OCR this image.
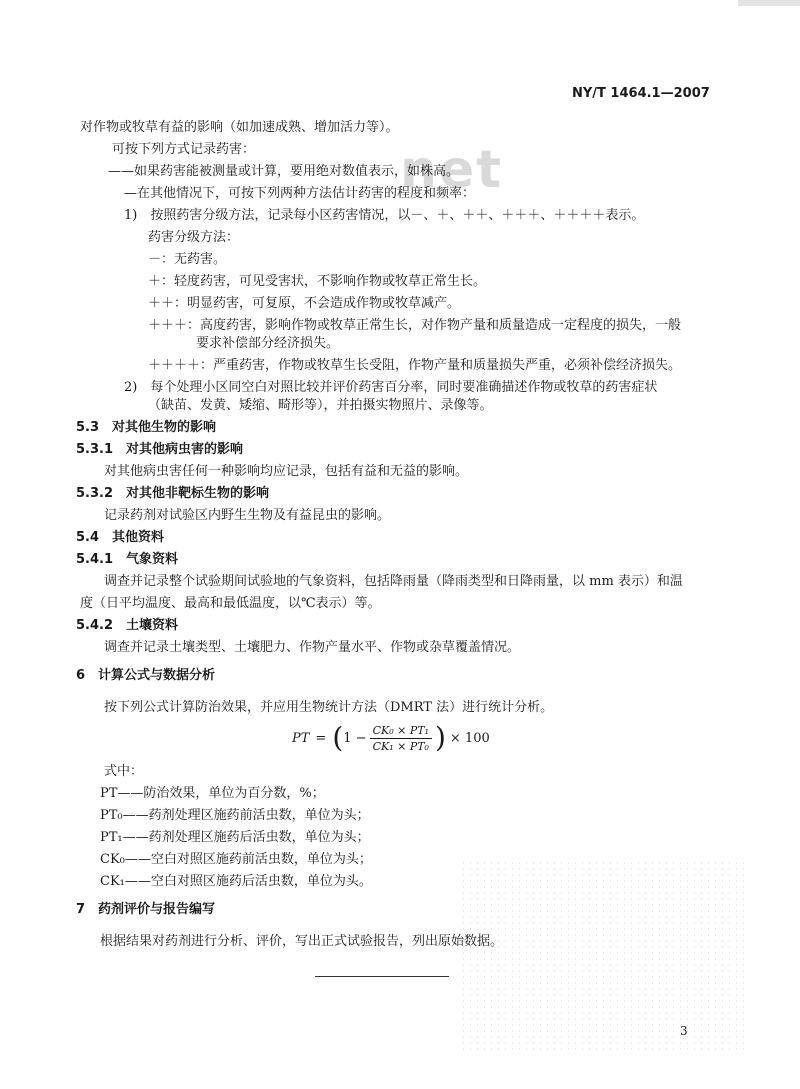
net
NY/T 1464.1—2007
对作物或牧草有益的影响（如加速成熟、增加活力等）。
可按下列方式记录药害：
——如果药害能被测量或计算，要用绝对数值表示，如株高。
—在其他情况下，可按下列两种方法估计药害的程度和频率：
1)　按照药害分级方法，记录每小区药害情况，以－、＋、＋＋、＋＋＋、＋＋＋＋表示。
药害分级方法：
－：无药害。
＋：轻度药害，可见受害状，不影响作物或牧草正常生长。
＋＋：明显药害，可复原，不会造成作物或牧草减产。
＋＋＋：高度药害，影响作物或牧草正常生长，对作物产量和质量造成一定程度的损失，一般
要求补偿部分经济损失。
＋＋＋＋：严重药害，作物或牧草生长受阻，作物产量和质量损失严重，必须补偿经济损失。
2)　每个处理小区同空白对照比较并评价药害百分率，同时要准确描述作物或牧草的药害症状
（缺苗、发黄、矮缩、畸形等），并拍摄实物照片、录像等。
5.3　对其他生物的影响
5.3.1　对其他病虫害的影响
对其他病虫害任何一种影响均应记录，包括有益和无益的影响。
5.3.2　对其他非靶标生物的影响
记录药剂对试验区内野生生物及有益昆虫的影响。
5.4　其他资料
5.4.1　气象资料
调查并记录整个试验期间试验地的气象资料，包括降雨量（降雨类型和日降雨量，以 mm 表示）和温
度（日平均温度、最高和最低温度，以℃表示）等。
5.4.2　土壤资料
调查并记录土壤类型、土壤肥力、作物产量水平、作物或杂草覆盖情况。
6　计算公式与数据分析
按下列公式计算防治效果，并应用生物统计方法（DMRT 法）进行统计分析。
PT = ( $1 - \frac{\text{CK₀ × PT₁}}{\text{CK₁ × PT₀}}$ ) × 100
式中：
PT——防治效果，单位为百分数，%；
PT₀——药剂处理区施药前活虫数，单位为头；
PT₁——药剂处理区施药后活虫数，单位为头；
CK₀——空白对照区施药前活虫数，单位为头；
CK₁——空白对照区施药后活虫数，单位为头。
7　药剂评价与报告编写
根据结果对药剂进行分析、评价，写出正式试验报告，列出原始数据。
3
